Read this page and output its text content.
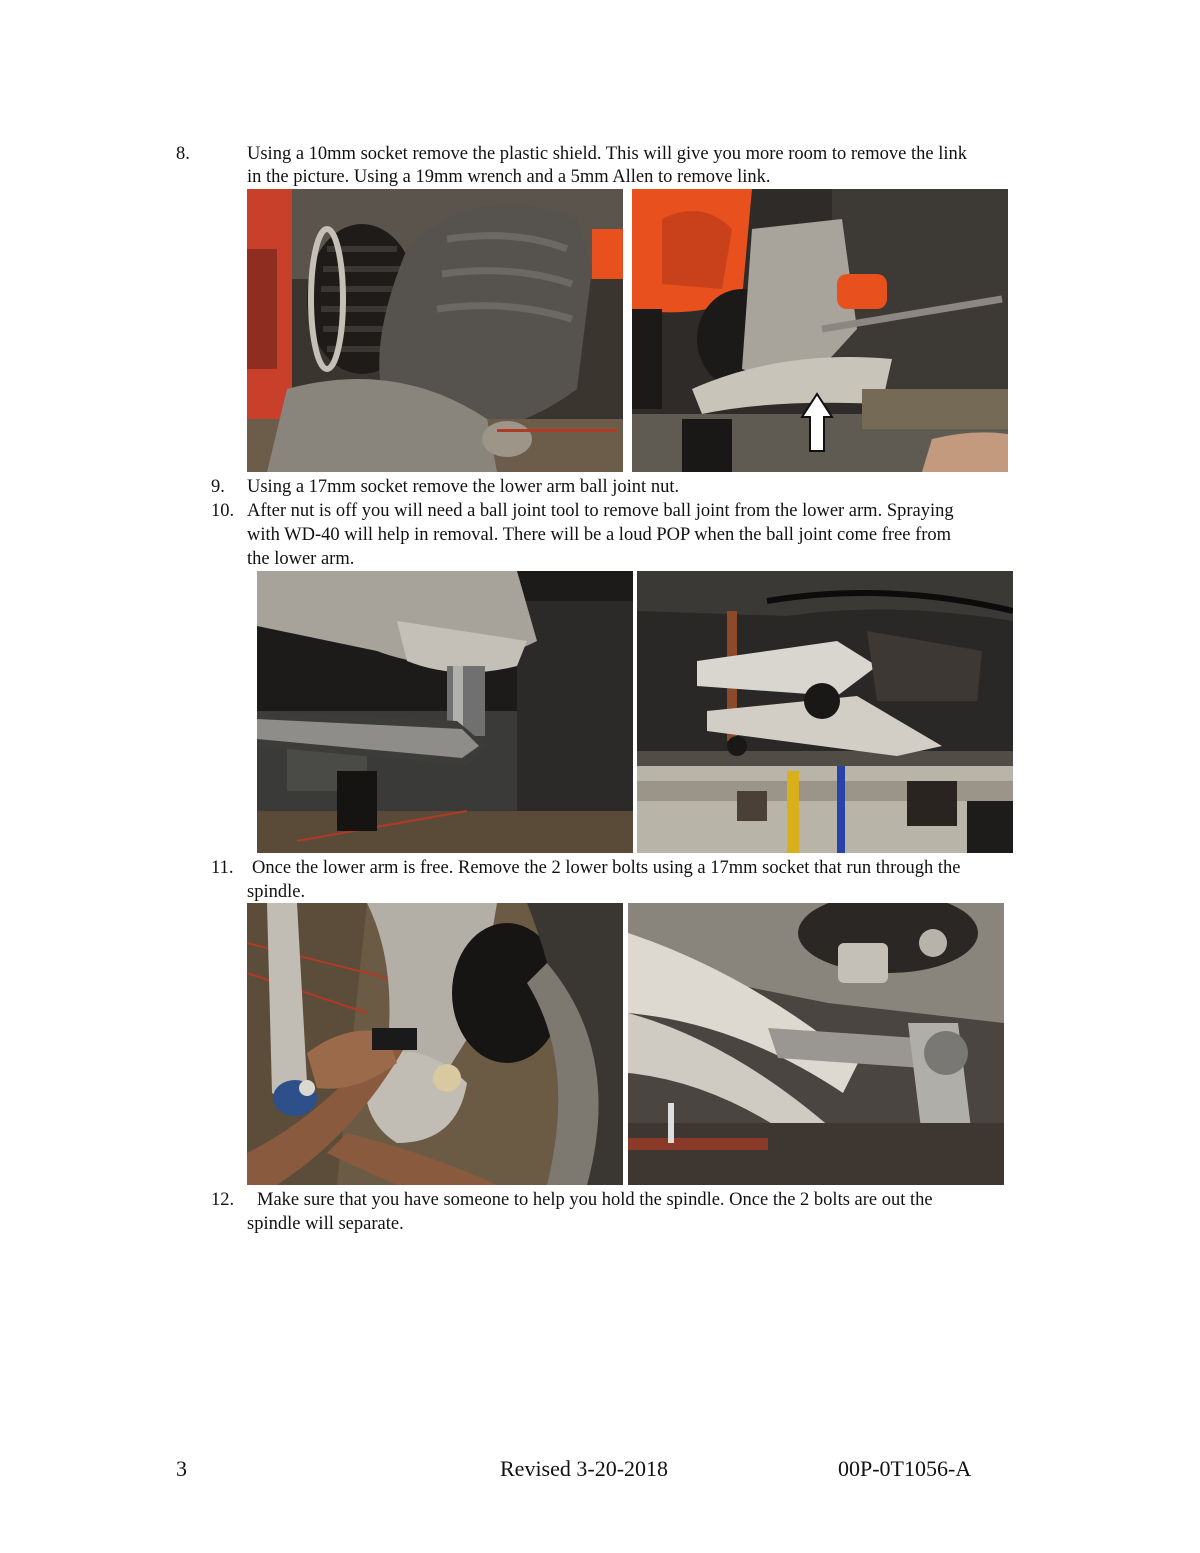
8.	Using a 10mm socket remove the plastic shield. This will give you more room to remove the link
in the picture. Using a 19mm wrench and a 5mm Allen to remove link.
9. Using a 17mm socket remove the lower arm ball joint nut.
10. After nut is off you will need a ball joint tool to remove ball joint from the lower arm. Spraying
with WD-40 will help in removal. There will be a loud POP when the ball joint come free from
the lower arm.
11. Once the lower arm is free. Remove the 2 lower bolts using a 17mm socket that run through the
spindle.
12. Make sure that you have someone to help you hold the spindle. Once the 2 bolts are out the
spindle will separate.
3	Revised 3-20-2018	00P-0T1056-A
